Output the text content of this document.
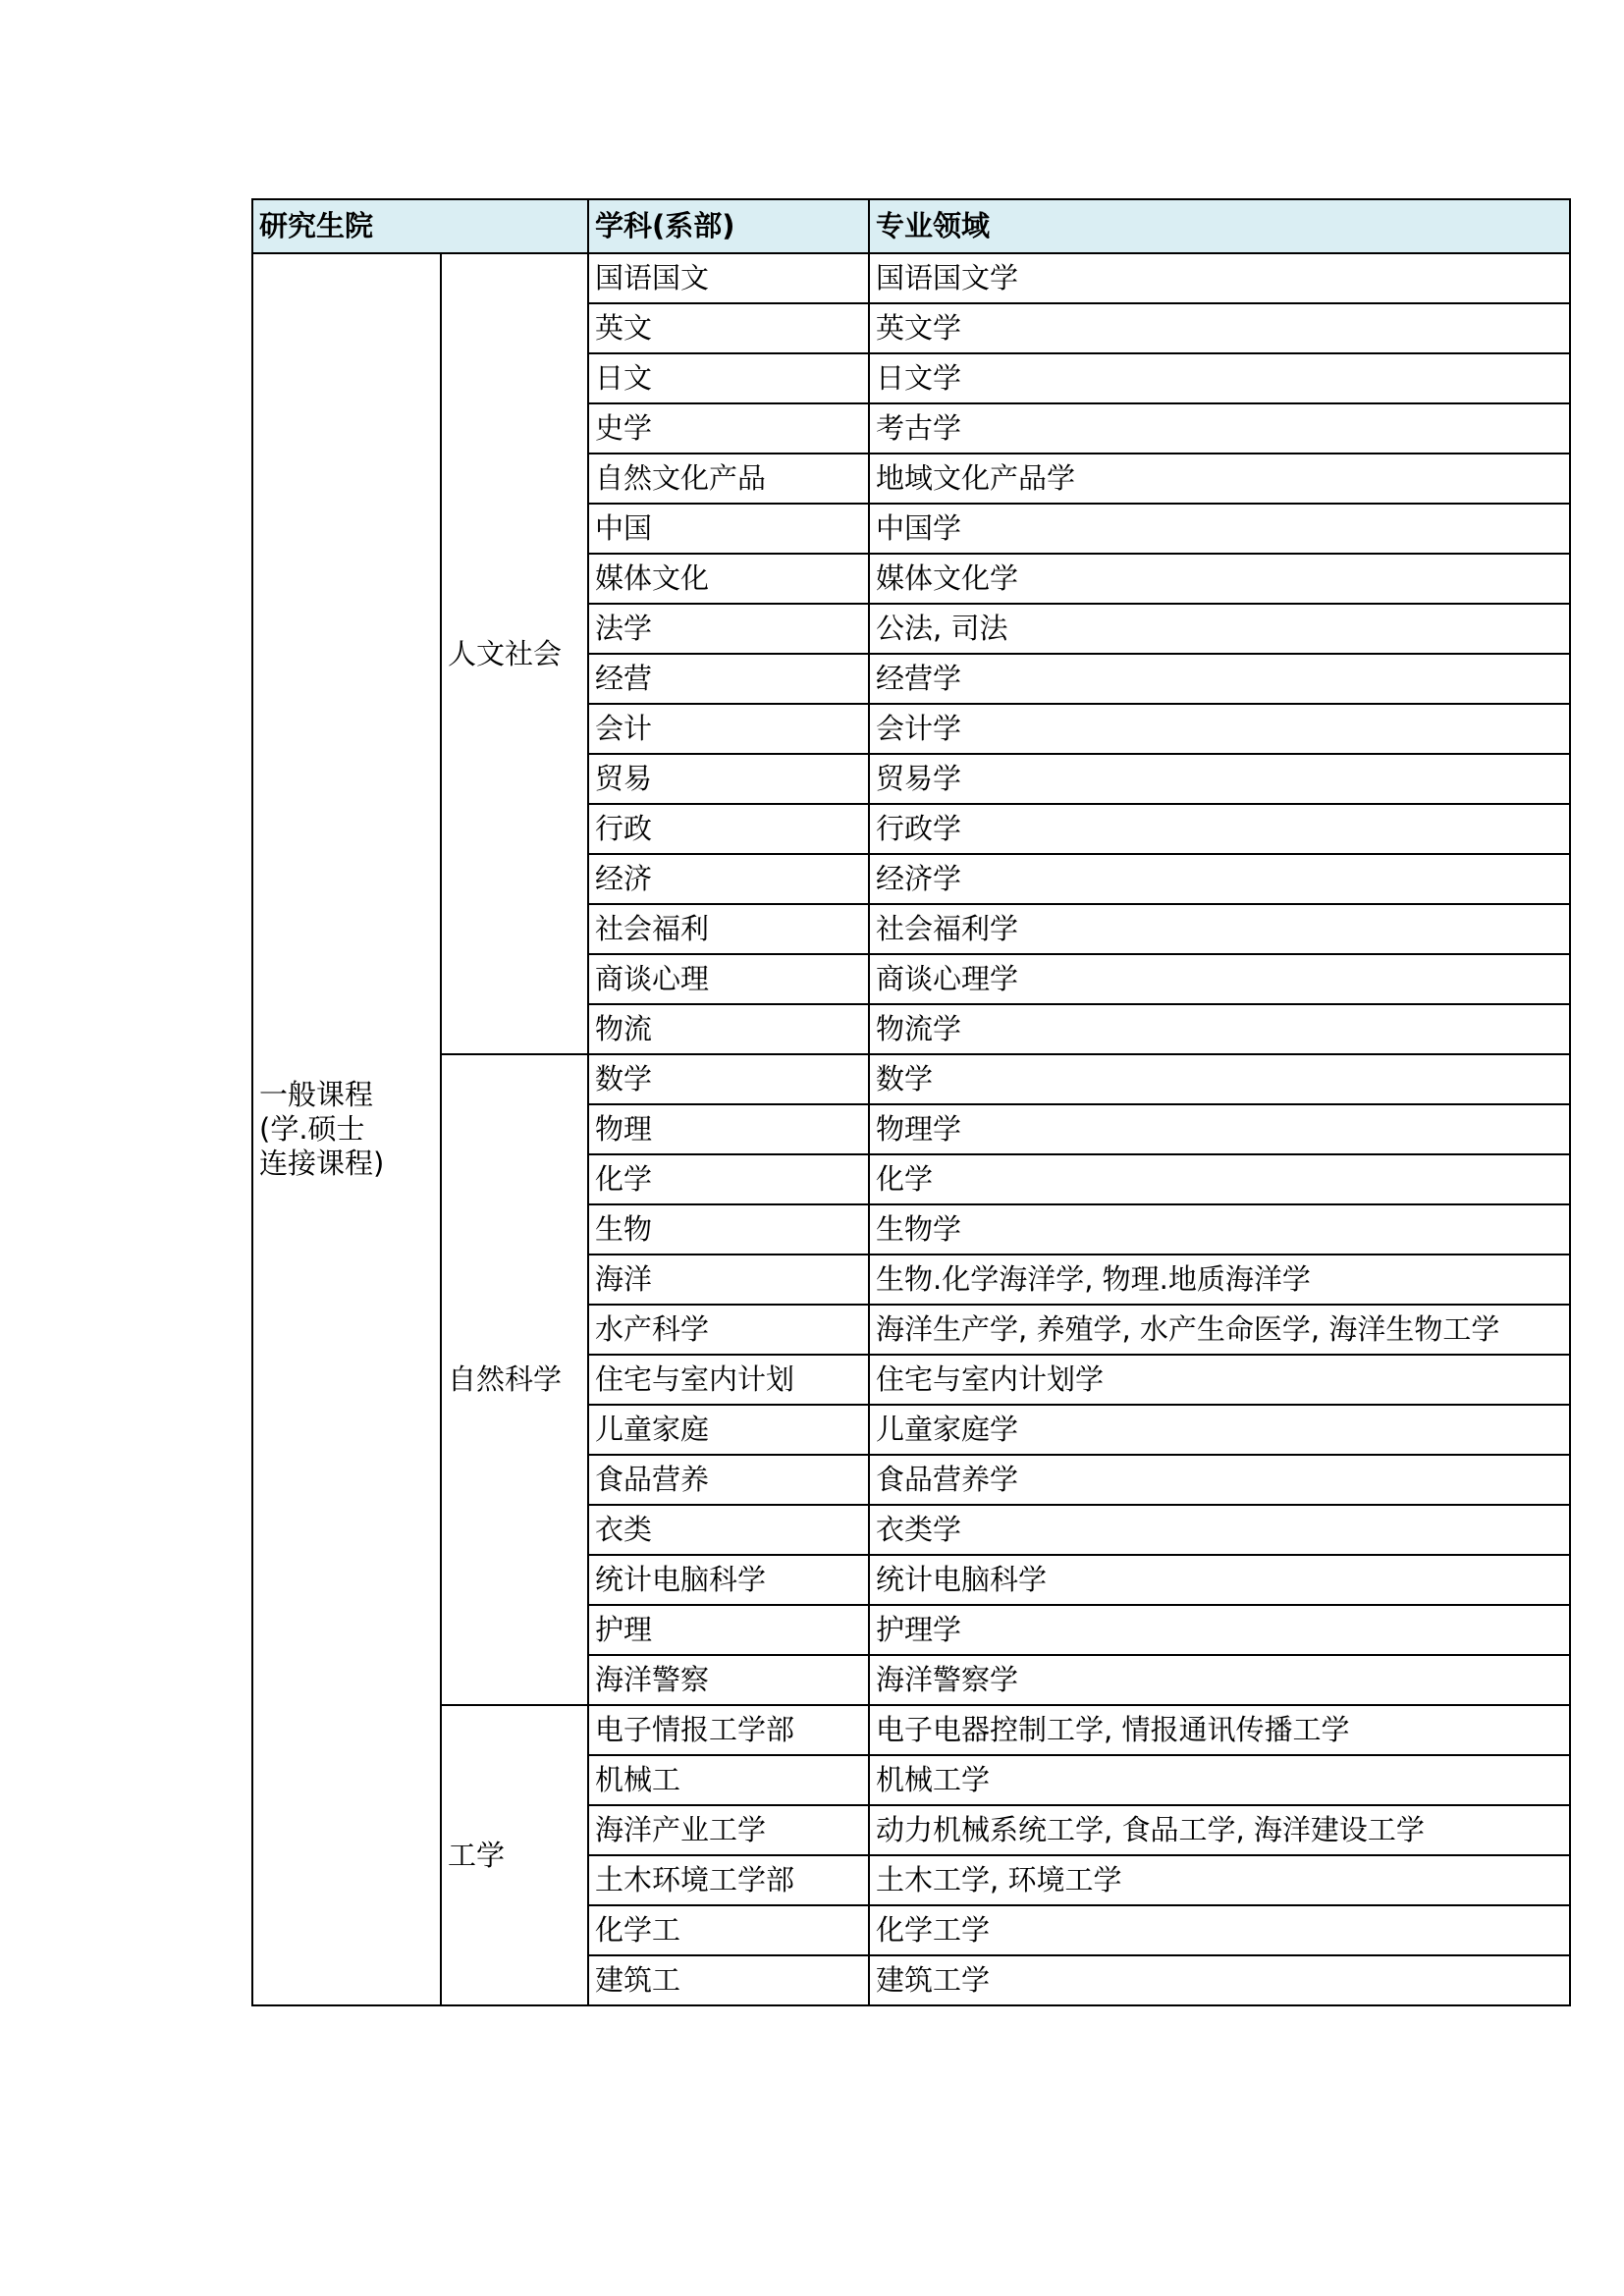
研究生院		学科(系部)	专业领域

一般课程
(学.硕士
连接课程)	人文社会	国语国文	国语国文学
		英文	英文学
		日文	日文学
		史学	考古学
		自然文化产品	地域文化产品学
		中国	中国学
		媒体文化	媒体文化学
		法学	公法, 司法
		经营	经营学
		会计	会计学
		贸易	贸易学
		行政	行政学
		经济	经济学
		社会福利	社会福利学
		商谈心理	商谈心理学
		物流	物流学
	自然科学	数学	数学
		物理	物理学
		化学	化学
		生物	生物学
		海洋	生物.化学海洋学, 物理.地质海洋学
		水产科学	海洋生产学, 养殖学, 水产生命医学, 海洋生物工学
		住宅与室内计划	住宅与室内计划学
		儿童家庭	儿童家庭学
		食品营养	食品营养学
		衣类	衣类学
		统计电脑科学	统计电脑科学
		护理	护理学
		海洋警察	海洋警察学
	工学	电子情报工学部	电子电器控制工学, 情报通讯传播工学
		机械工	机械工学
		海洋产业工学	动力机械系统工学, 食品工学, 海洋建设工学
		土木环境工学部	土木工学, 环境工学
		化学工	化学工学
		建筑工	建筑工学
